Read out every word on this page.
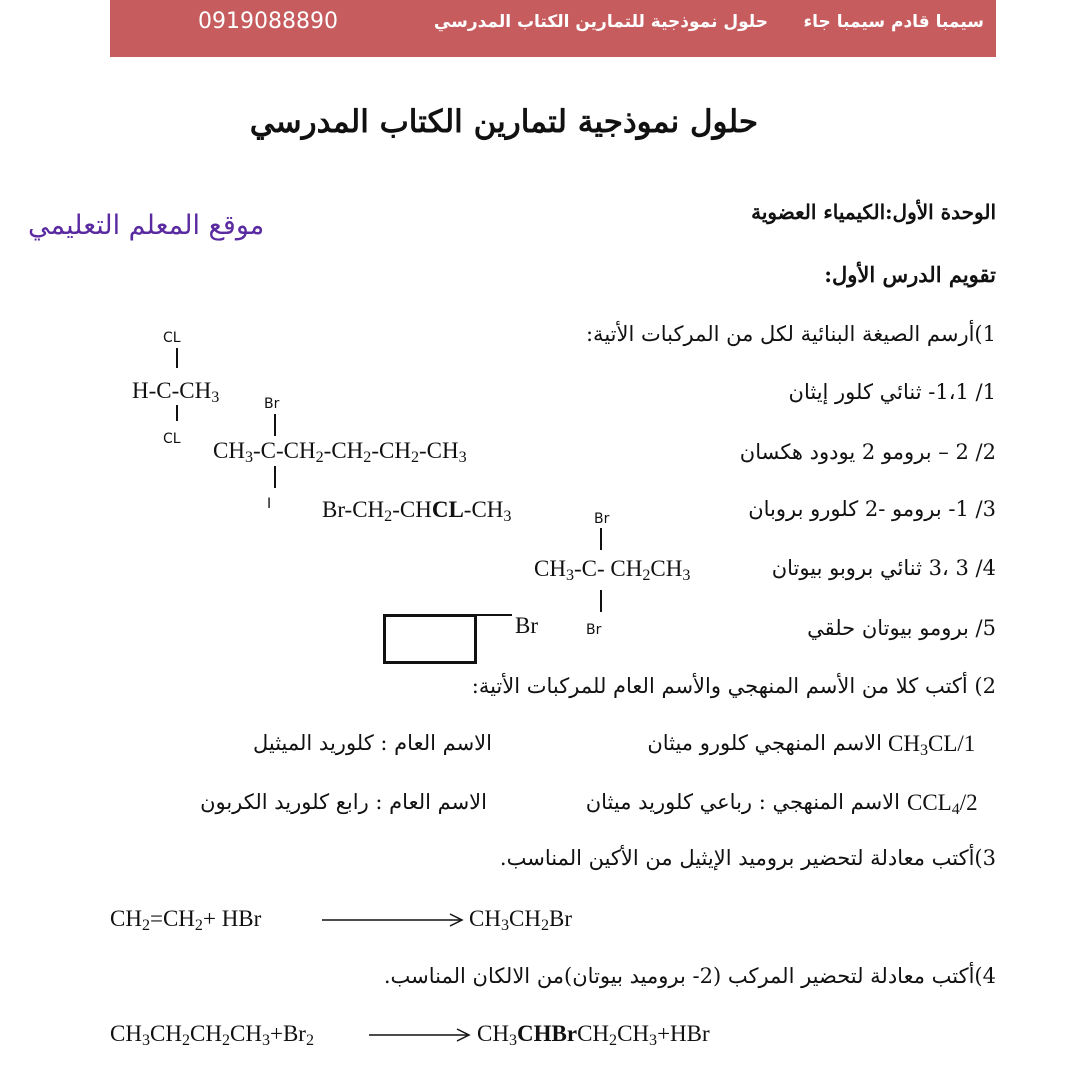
0919088890	حلول نموذجية للتمارين الكتاب المدرسي سيمبا قادم سيمبا جاء
حلول نموذجية لتمارين الكتاب المدرسي
موقع المعلم التعليمي	الوحدة الأول:الكيمياء العضوية
تقويم الدرس الأول:
1)أرسم الصيغة البنائية لكل من المركبات الأتية:
1/ 1،1- ثنائي كلور إيثان
2/ 2 – برومو 2 يودود هكسان
3/ 1- برومو -2 كلورو بروبان
4/ 3 ،3 ثنائي بروبو بيوتان
5/ برومو بيوتان حلقي
CL
$H-C-CH_3$
CL
Br
$CH_3-C-CH_2-CH_2-CH_2-CH_3$
I $Br-CH_2-CHCL-CH_3$	Br
$CH_3-C-$ $CH_2CH_3$
Br
Br
2) أكتب كلا من الأسم المنهجي والأسم العام للمركبات الأتية:
$CH_3CL/1$
الاسم المنهجي كلورو ميثان
الاسم العام : كلوريد الميثيل
$CCL_4/2$
الاسم المنهجي : رباعي كلوريد ميثان
الاسم العام : رابع كلوريد الكربون
3)أكتب معادلة لتحضير بروميد الإيثيل من الأكين المناسب.
$CH_2=CH_2+$ HBr	$CH_3CH_2Br$
4)أكتب معادلة لتحضير المركب (2- بروميد بيوتان)من الالكان المناسب.
$CH_3CH_2CH_2CH_3+Br_2$	$CH_3CHBrCH_2CH_3+HBr$
